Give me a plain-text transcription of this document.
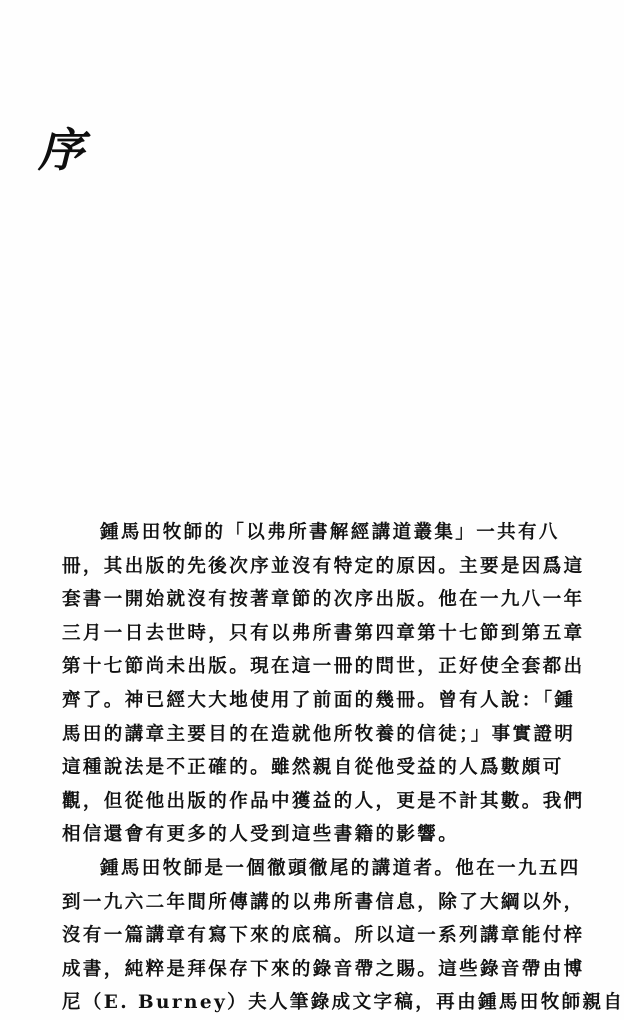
序
鍾馬田牧師的「以弗所書解經講道叢集」一共有八
冊，其出版的先後次序並沒有特定的原因。主要是因爲這
套書一開始就沒有按著章節的次序出版。他在一九八一年
三月一日去世時，只有以弗所書第四章第十七節到第五章
第十七節尚未出版。現在這一冊的問世，正好使全套都出
齊了。神已經大大地使用了前面的幾冊。曾有人說：「鍾
馬田的講章主要目的在造就他所牧養的信徒；」事實證明
這種說法是不正確的。雖然親自從他受益的人爲數頗可
觀，但從他出版的作品中獲益的人，更是不計其數。我們
相信還會有更多的人受到這些書籍的影響。
鍾馬田牧師是一個徹頭徹尾的講道者。他在一九五四
到一九六二年間所傳講的以弗所書信息，除了大綱以外，
沒有一篇講章有寫下來的底稿。所以這一系列講章能付梓
成書，純粹是拜保存下來的錄音帶之賜。這些錄音帶由博
尼（E. Burney）夫人筆錄成文字稿，再由鍾馬田牧師親自
